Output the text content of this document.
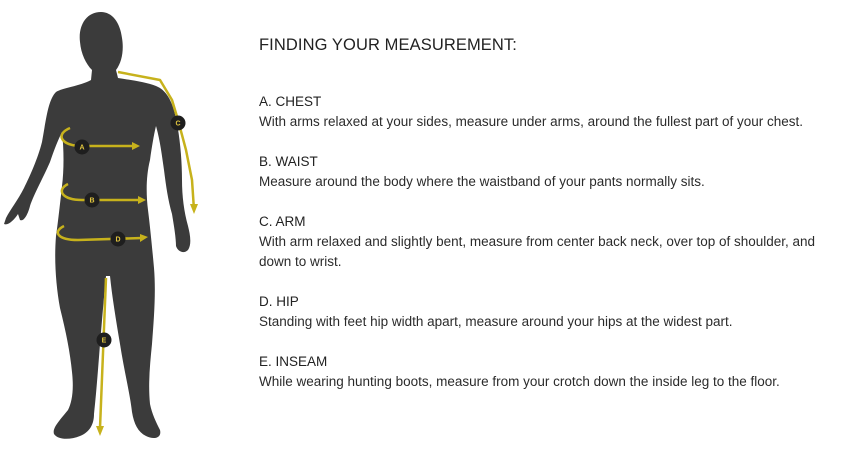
A
B
C
D
E
FINDING YOUR MEASUREMENT:
A. CHEST
With arms relaxed at your sides, measure under arms, around the fullest part of your chest.
B. WAIST
Measure around the body where the waistband of your pants normally sits.
C. ARM
With arm relaxed and slightly bent, measure from center back neck, over top of shoulder, and down to wrist.
D. HIP
Standing with feet hip width apart, measure around your hips at the widest part.
E. INSEAM
While wearing hunting boots, measure from your crotch down the inside leg to the floor.
